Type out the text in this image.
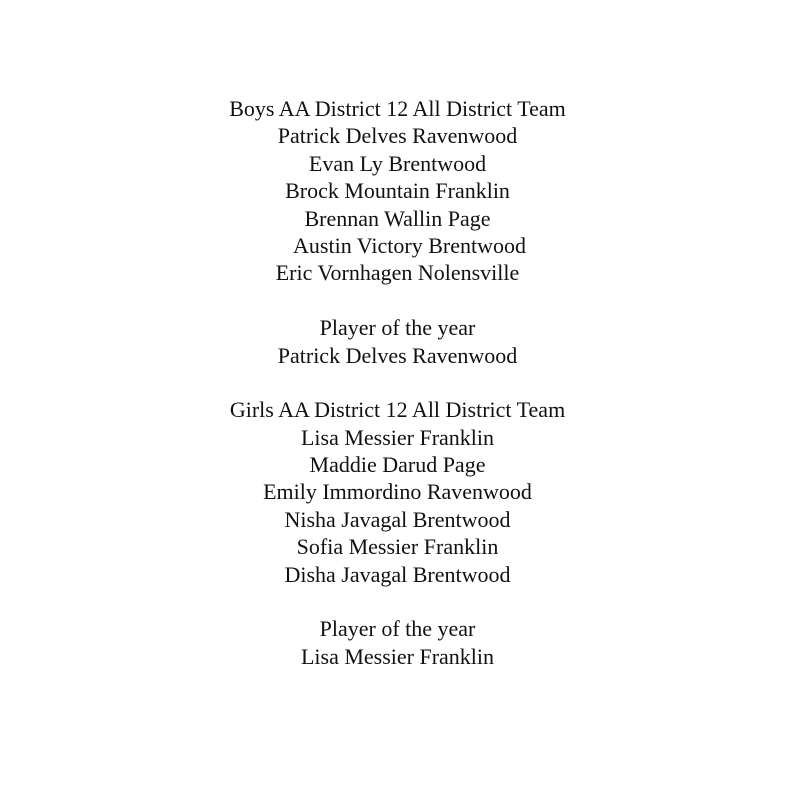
Boys AA District 12 All District Team
Patrick Delves Ravenwood
Evan Ly Brentwood
Brock Mountain Franklin
Brennan Wallin Page
Austin Victory Brentwood
Eric Vornhagen Nolensville
Player of the year
Patrick Delves Ravenwood
Girls AA District 12 All District Team
Lisa Messier Franklin
Maddie Darud Page
Emily Immordino Ravenwood
Nisha Javagal Brentwood
Sofia Messier Franklin
Disha Javagal Brentwood
Player of the year
Lisa Messier Franklin
